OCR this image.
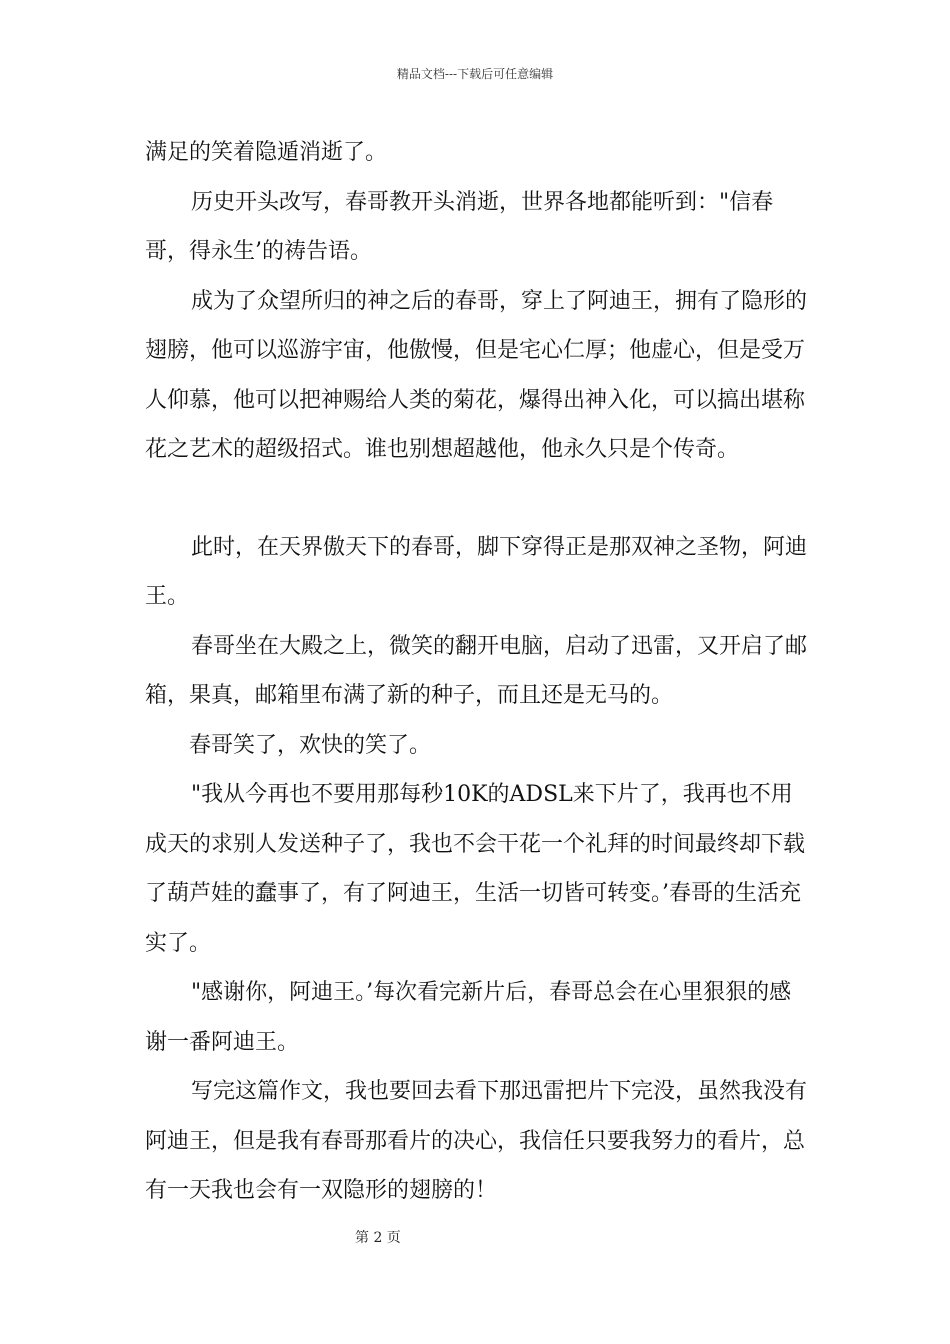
精品文档---下载后可任意编辑

满足的笑着隐遁消逝了。

历史开头改写，春哥教开头消逝，世界各地都能听到："信春哥，得永生’的祷告语。

成为了众望所归的神之后的春哥，穿上了阿迪王，拥有了隐形的翅膀，他可以巡游宇宙，他傲慢，但是宅心仁厚；他虚心，但是受万人仰慕，他可以把神赐给人类的菊花，爆得出神入化，可以搞出堪称花之艺术的超级招式。谁也别想超越他，他永久只是个传奇。

此时，在天界傲天下的春哥，脚下穿得正是那双神之圣物，阿迪王。

春哥坐在大殿之上，微笑的翻开电脑，启动了迅雷，又开启了邮箱，果真，邮箱里布满了新的种子，而且还是无马的。

春哥笑了，欢快的笑了。

"我从今再也不要用那每秒10K的ADSL来下片了，我再也不用成天的求别人发送种子了，我也不会干花一个礼拜的时间最终却下载了葫芦娃的蠢事了，有了阿迪王，生活一切皆可转变。’春哥的生活充实了。

"感谢你，阿迪王。’每次看完新片后，春哥总会在心里狠狠的感谢一番阿迪王。

写完这篇作文，我也要回去看下那迅雷把片下完没，虽然我没有阿迪王，但是我有春哥那看片的决心，我信任只要我努力的看片，总有一天我也会有一双隐形的翅膀的！

第 2 页
